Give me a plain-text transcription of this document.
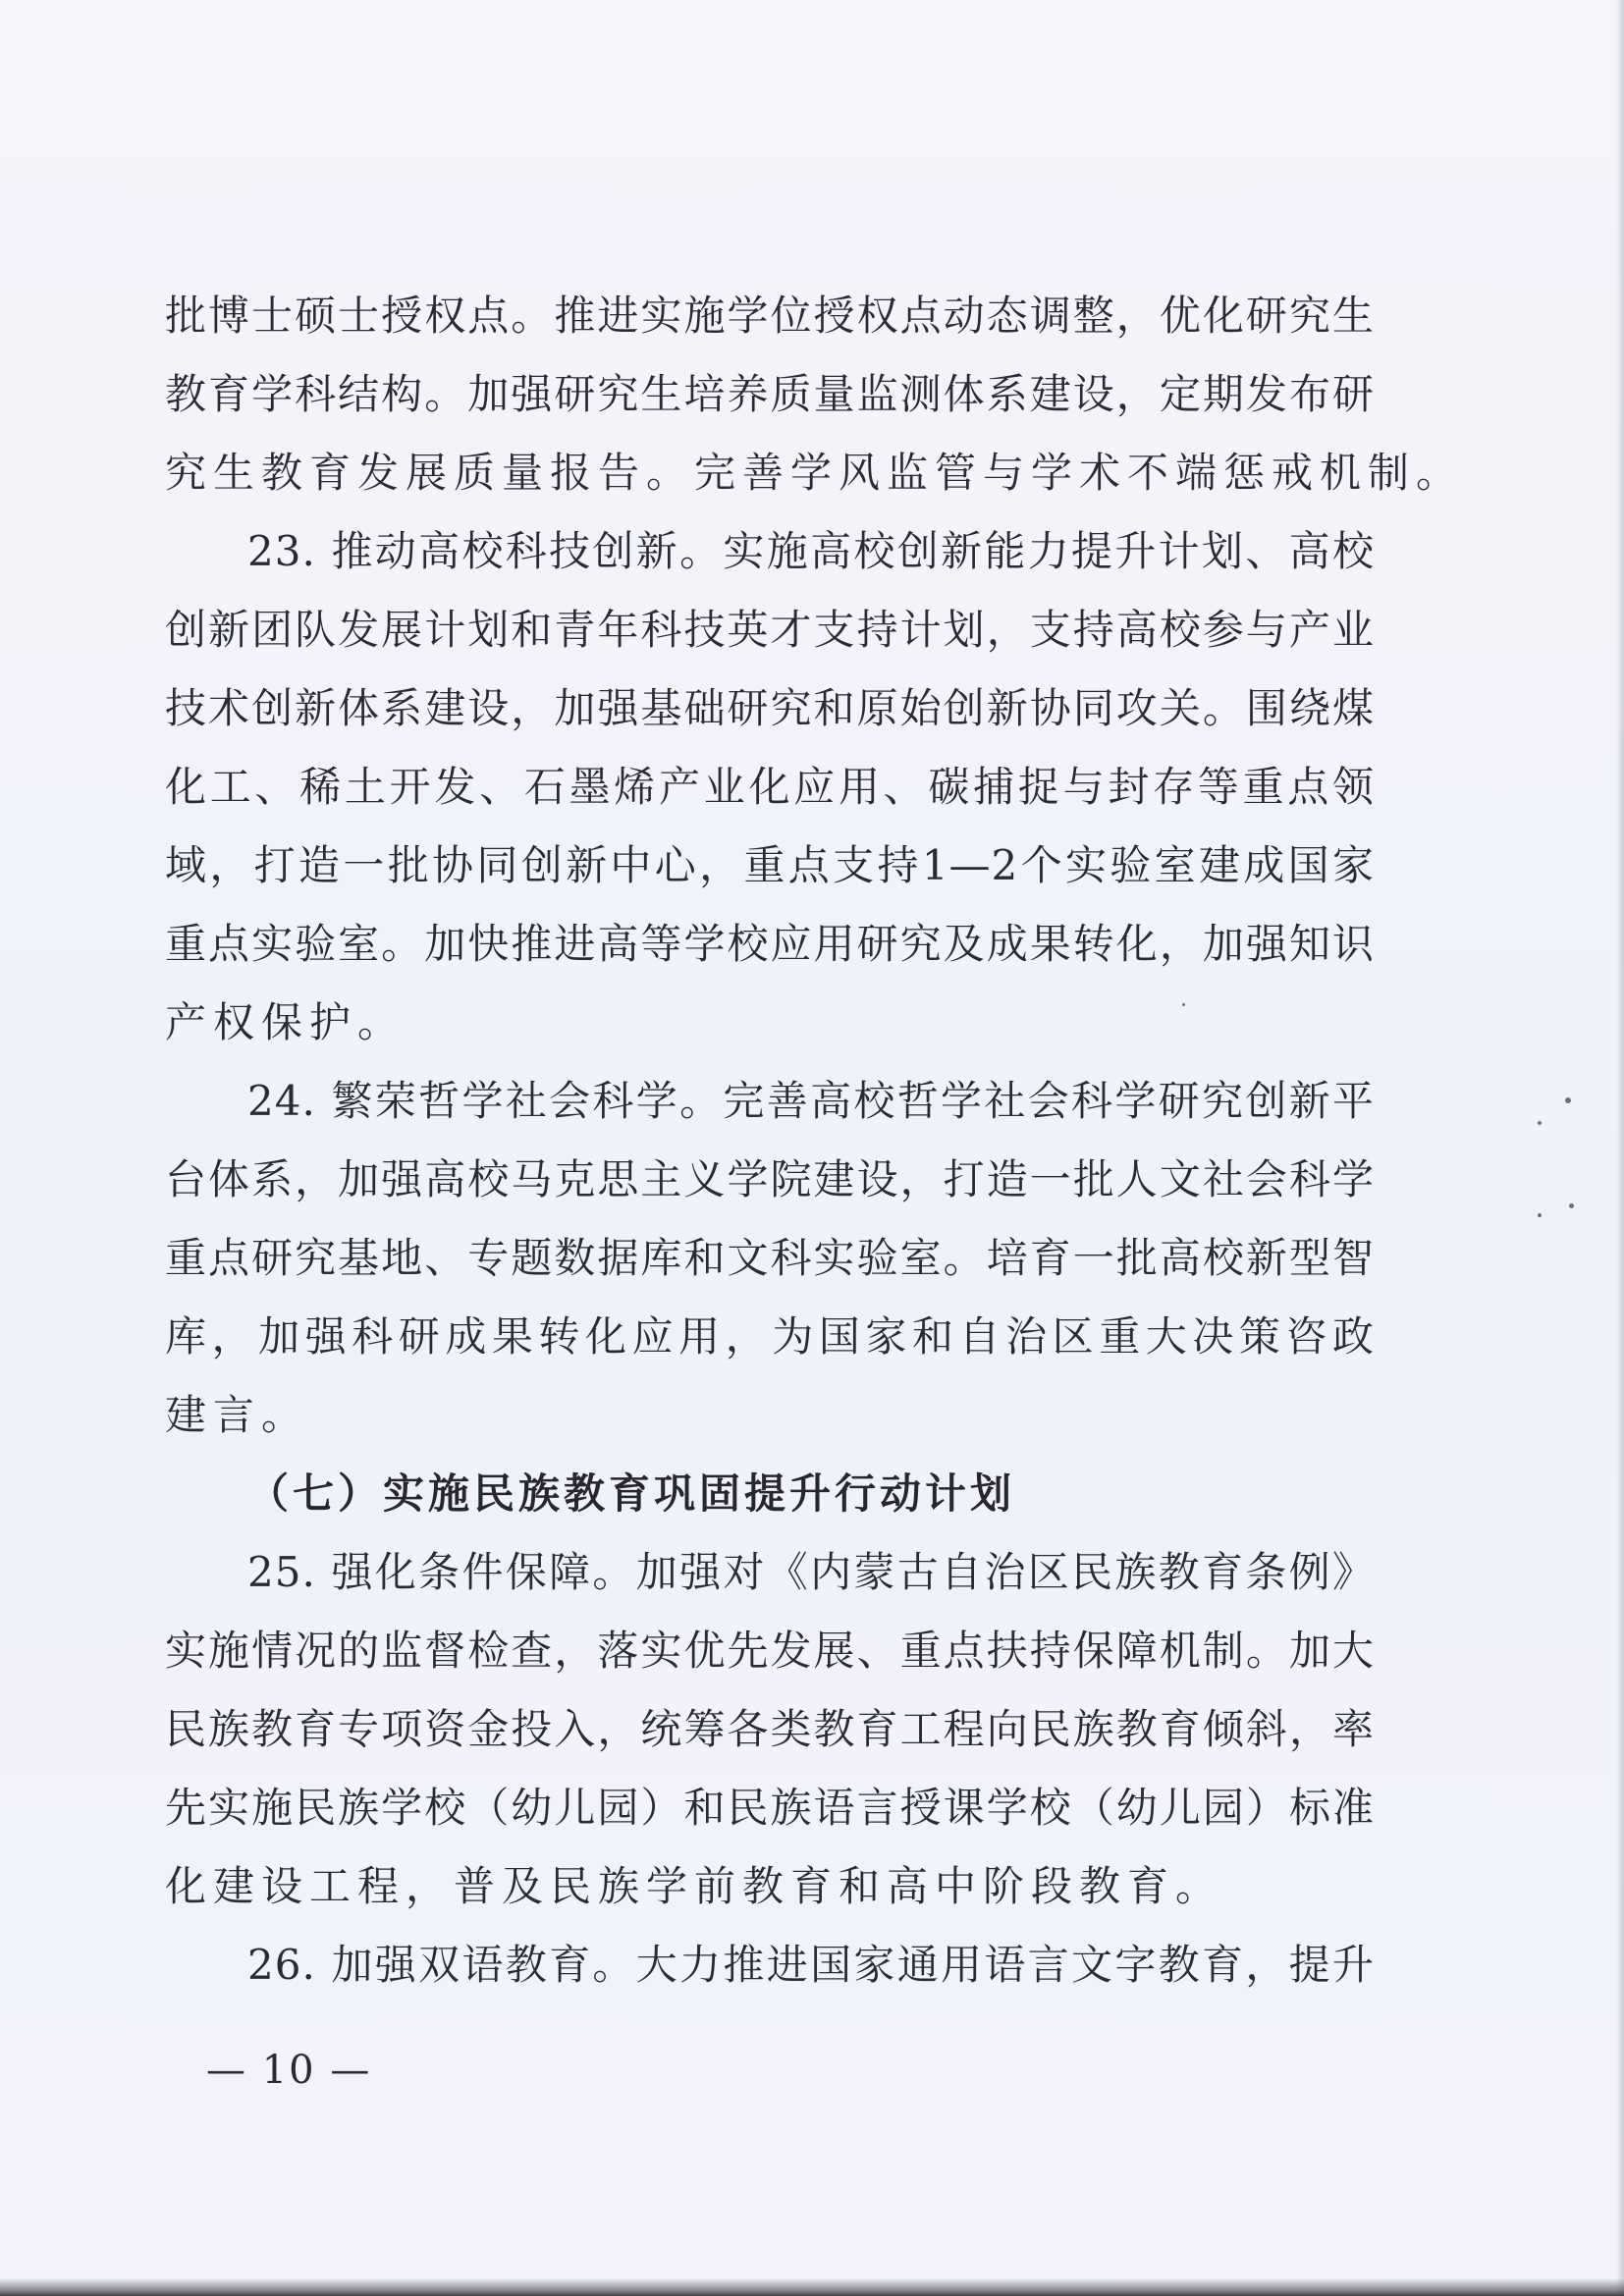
批博士硕士授权点。推进实施学位授权点动态调整，优化研究生
教育学科结构。加强研究生培养质量监测体系建设，定期发布研
究生教育发展质量报告。完善学风监管与学术不端惩戒机制。
23. 推动高校科技创新。实施高校创新能力提升计划、高校
创新团队发展计划和青年科技英才支持计划，支持高校参与产业
技术创新体系建设，加强基础研究和原始创新协同攻关。围绕煤
化工、稀土开发、石墨烯产业化应用、碳捕捉与封存等重点领
域，打造一批协同创新中心，重点支持1—2个实验室建成国家
重点实验室。加快推进高等学校应用研究及成果转化，加强知识
产权保护。
24. 繁荣哲学社会科学。完善高校哲学社会科学研究创新平
台体系，加强高校马克思主义学院建设，打造一批人文社会科学
重点研究基地、专题数据库和文科实验室。培育一批高校新型智
库，加强科研成果转化应用，为国家和自治区重大决策咨政
建言。
（七）实施民族教育巩固提升行动计划
25. 强化条件保障。加强对《内蒙古自治区民族教育条例》
实施情况的监督检查，落实优先发展、重点扶持保障机制。加大
民族教育专项资金投入，统筹各类教育工程向民族教育倾斜，率
先实施民族学校（幼儿园）和民族语言授课学校（幼儿园）标准
化建设工程，普及民族学前教育和高中阶段教育。
26. 加强双语教育。大力推进国家通用语言文字教育，提升
— 10 —
